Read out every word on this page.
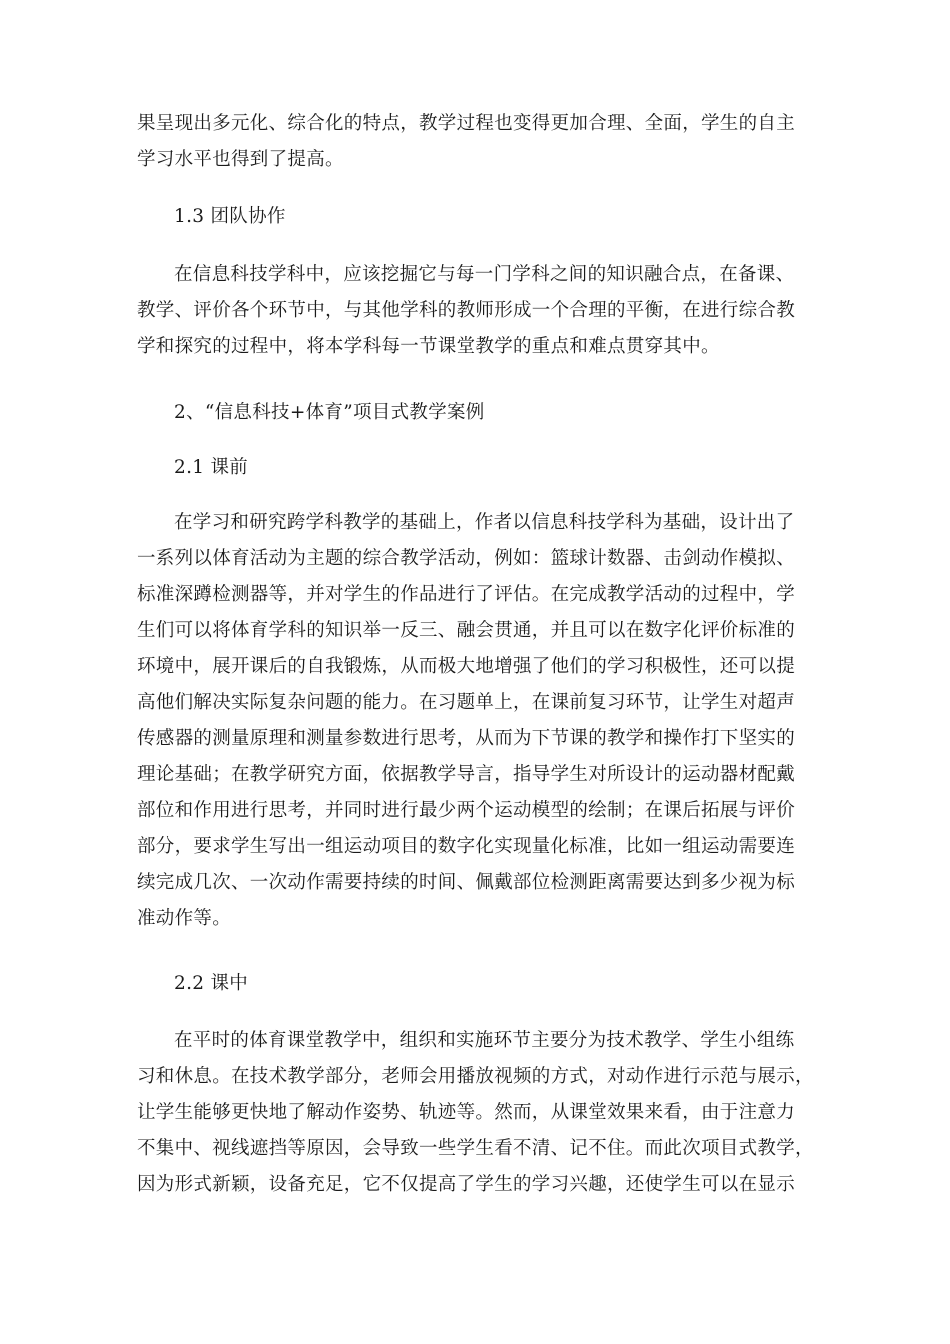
果呈现出多元化、综合化的特点，教学过程也变得更加合理、全面，学生的自主
学习水平也得到了提高。
1.3 团队协作
在信息科技学科中，应该挖掘它与每一门学科之间的知识融合点，在备课、
教学、评价各个环节中，与其他学科的教师形成一个合理的平衡，在进行综合教
学和探究的过程中，将本学科每一节课堂教学的重点和难点贯穿其中。
2、“信息科技+体育”项目式教学案例
2.1 课前
在学习和研究跨学科教学的基础上，作者以信息科技学科为基础，设计出了
一系列以体育活动为主题的综合教学活动，例如：篮球计数器、击剑动作模拟、
标准深蹲检测器等，并对学生的作品进行了评估。在完成教学活动的过程中，学
生们可以将体育学科的知识举一反三、融会贯通，并且可以在数字化评价标准的
环境中，展开课后的自我锻炼，从而极大地增强了他们的学习积极性，还可以提
高他们解决实际复杂问题的能力。在习题单上，在课前复习环节，让学生对超声
传感器的测量原理和测量参数进行思考，从而为下节课的教学和操作打下坚实的
理论基础；在教学研究方面，依据教学导言，指导学生对所设计的运动器材配戴
部位和作用进行思考，并同时进行最少两个运动模型的绘制；在课后拓展与评价
部分，要求学生写出一组运动项目的数字化实现量化标准，比如一组运动需要连
续完成几次、一次动作需要持续的时间、佩戴部位检测距离需要达到多少视为标
准动作等。
2.2 课中
在平时的体育课堂教学中，组织和实施环节主要分为技术教学、学生小组练
习和休息。在技术教学部分，老师会用播放视频的方式，对动作进行示范与展示，
让学生能够更快地了解动作姿势、轨迹等。然而，从课堂效果来看，由于注意力
不集中、视线遮挡等原因，会导致一些学生看不清、记不住。而此次项目式教学，
因为形式新颖，设备充足，它不仅提高了学生的学习兴趣，还使学生可以在显示
